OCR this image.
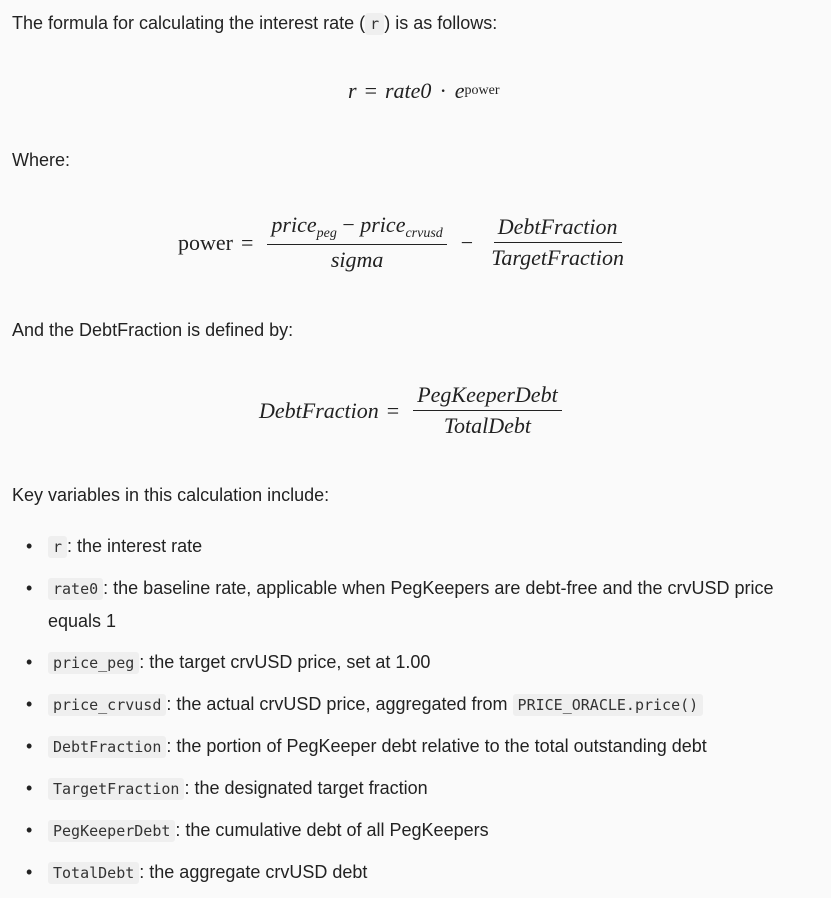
The formula for calculating the interest rate ( r ) is as follows:
r = rate0 · e power
Where:
power = $\frac{price_{peg} - price_{crvusd}}{\text{sigma}} - \frac{\text{DebtFraction}}{\text{TargetFraction}}$
And the DebtFraction is defined by:
DebtFraction = $\frac{\text{PegKeeperDebt}}{\text{TotalDebt}}$
Key variables in this calculation include:
• r : the interest rate
• rate0 : the baseline rate, applicable when PegKeepers are debt-free and the crvUSD price equals 1
• price_peg : the target crvUSD price, set at 1.00
• price_crvusd : the actual crvUSD price, aggregated from PRICE_ORACLE.price()
• DebtFraction : the portion of PegKeeper debt relative to the total outstanding debt
• TargetFraction : the designated target fraction
• PegKeeperDebt : the cumulative debt of all PegKeepers
• TotalDebt : the aggregate crvUSD debt
